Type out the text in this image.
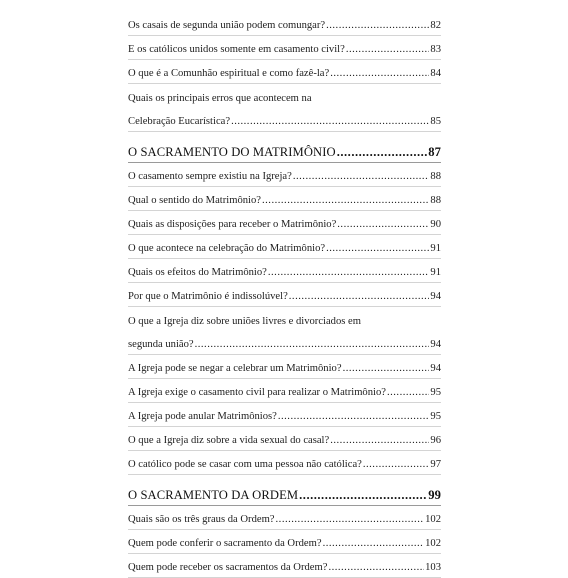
Os casais de segunda união podem comungar? .....	82
E os católicos unidos somente em casamento civil? .....	83
O que é a Comunhão espiritual e como fazê-la? .....	84
Quais os principais erros que acontecem na
Celebração Eucarística? .....	85
O SACRAMENTO DO MATRIMÔNIO .....	87
O casamento sempre existiu na Igreja? .....	88
Qual o sentido do Matrimônio? .....	88
Quais as disposições para receber o Matrimônio? .....	90
O que acontece na celebração do Matrimônio? .....	91
Quais os efeitos do Matrimônio? .....	91
Por que o Matrimônio é indissolúvel? .....	94
O que a Igreja diz sobre uniões livres e divorciados em
segunda união? .....	94
A Igreja pode se negar a celebrar um Matrimônio? .....	94
A Igreja exige o casamento civil para realizar o Matrimônio? .....	95
A Igreja pode anular Matrimônios? .....	95
O que a Igreja diz sobre a vida sexual do casal? .....	96
O católico pode se casar com uma pessoa não católica? .....	97
O SACRAMENTO DA ORDEM .....	99
Quais são os três graus da Ordem? .....	102
Quem pode conferir o sacramento da Ordem? .....	102
Quem pode receber os sacramentos da Ordem? .....	103
